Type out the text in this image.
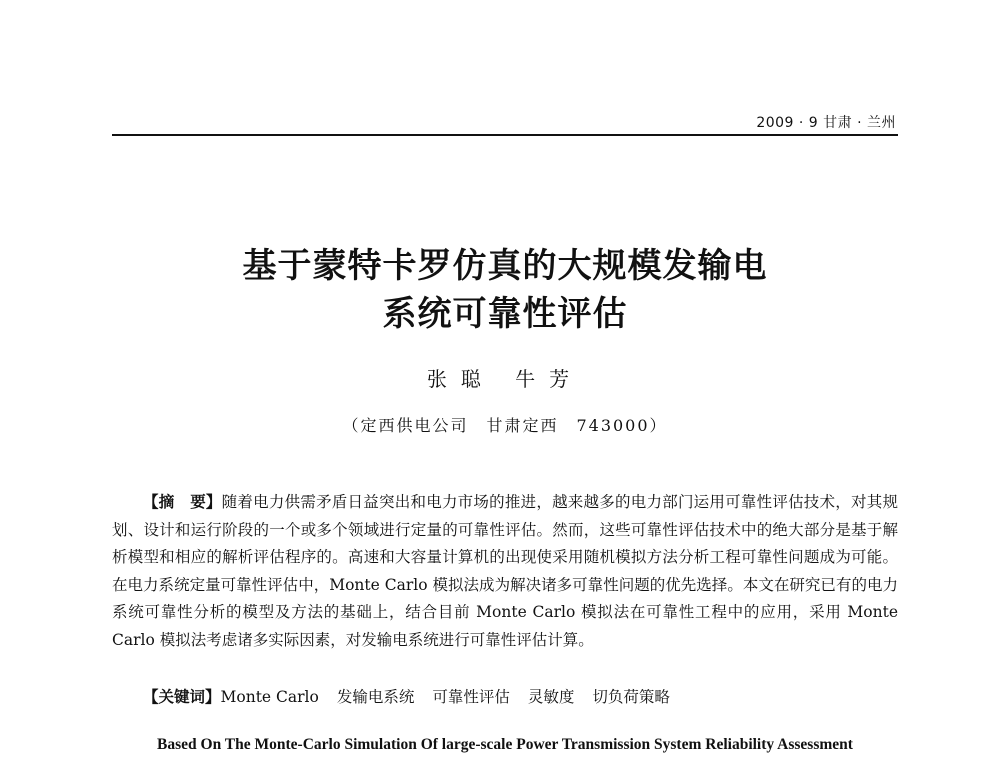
2009 · 9 甘肃 · 兰州
基于蒙特卡罗仿真的大规模发输电
系统可靠性评估
张聪 牛芳
（定西供电公司　甘肃定西　743000）
【摘　要】随着电力供需矛盾日益突出和电力市场的推进，越来越多的电力部门运用可靠性评估技术，对其规划、设计和运行阶段的一个或多个领域进行定量的可靠性评估。然而，这些可靠性评估技术中的绝大部分是基于解析模型和相应的解析评估程序的。高速和大容量计算机的出现使采用随机模拟方法分析工程可靠性问题成为可能。在电力系统定量可靠性评估中，Monte Carlo 模拟法成为解决诸多可靠性问题的优先选择。本文在研究已有的电力系统可靠性分析的模型及方法的基础上，结合目前 Monte Carlo 模拟法在可靠性工程中的应用，采用 Monte Carlo 模拟法考虑诸多实际因素，对发输电系统进行可靠性评估计算。
【关键词】Monte Carlo 发输电系统 可靠性评估 灵敏度 切负荷策略
Based On The Monte-Carlo Simulation Of large-scale Power Transmission System Reliability Assessment
